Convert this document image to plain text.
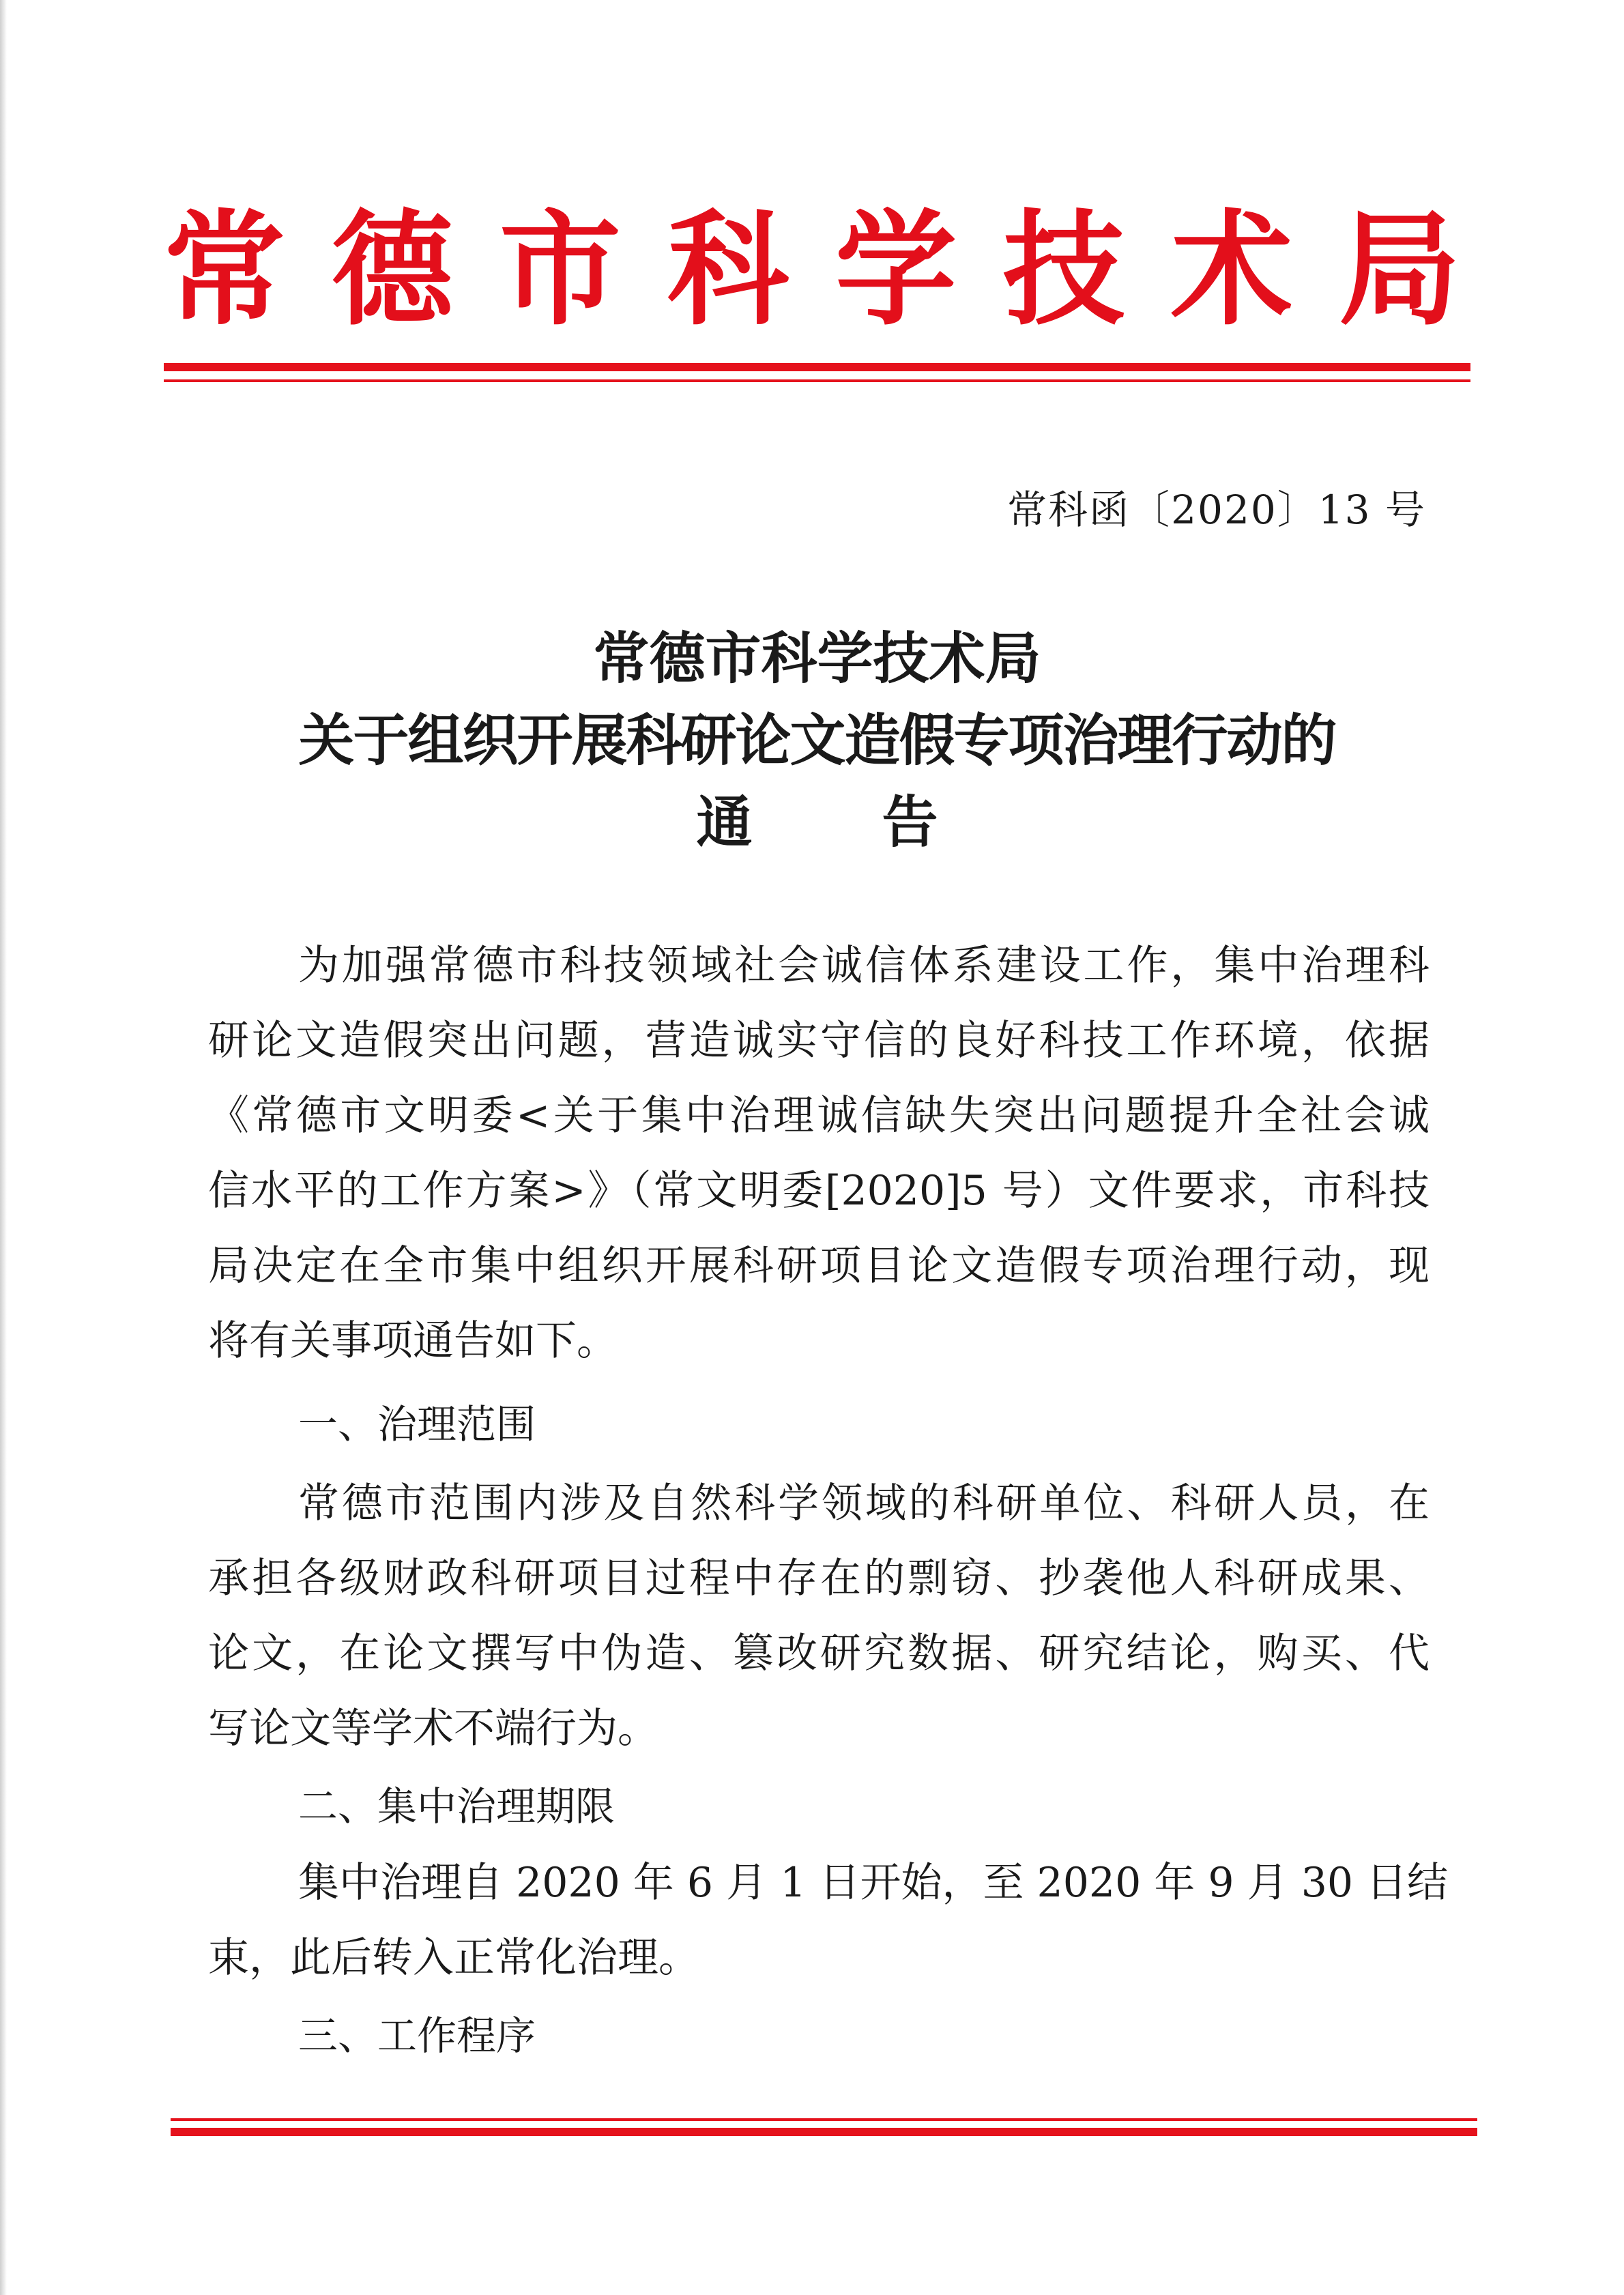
常 德 市 科 学 技 术 局
常科函〔2020〕13 号
常德市科学技术局
关于组织开展科研论文造假专项治理行动的
通告
为加强常德市科技领域社会诚信体系建设工作，集中治理科
研论文造假突出问题，营造诚实守信的良好科技工作环境，依据
《常德市文明委<关于集中治理诚信缺失突出问题提升全社会诚
信水平的工作方案>》（常文明委[2020]5 号）文件要求，市科技
局决定在全市集中组织开展科研项目论文造假专项治理行动，现
将有关事项通告如下。
一、治理范围
常德市范围内涉及自然科学领域的科研单位、科研人员，在
承担各级财政科研项目过程中存在的剽窃、抄袭他人科研成果、
论文，在论文撰写中伪造、篡改研究数据、研究结论，购买、代
写论文等学术不端行为。
二、集中治理期限
集中治理自 2020 年 6 月 1 日开始，至 2020 年 9 月 30 日结
束，此后转入正常化治理。
三、工作程序
